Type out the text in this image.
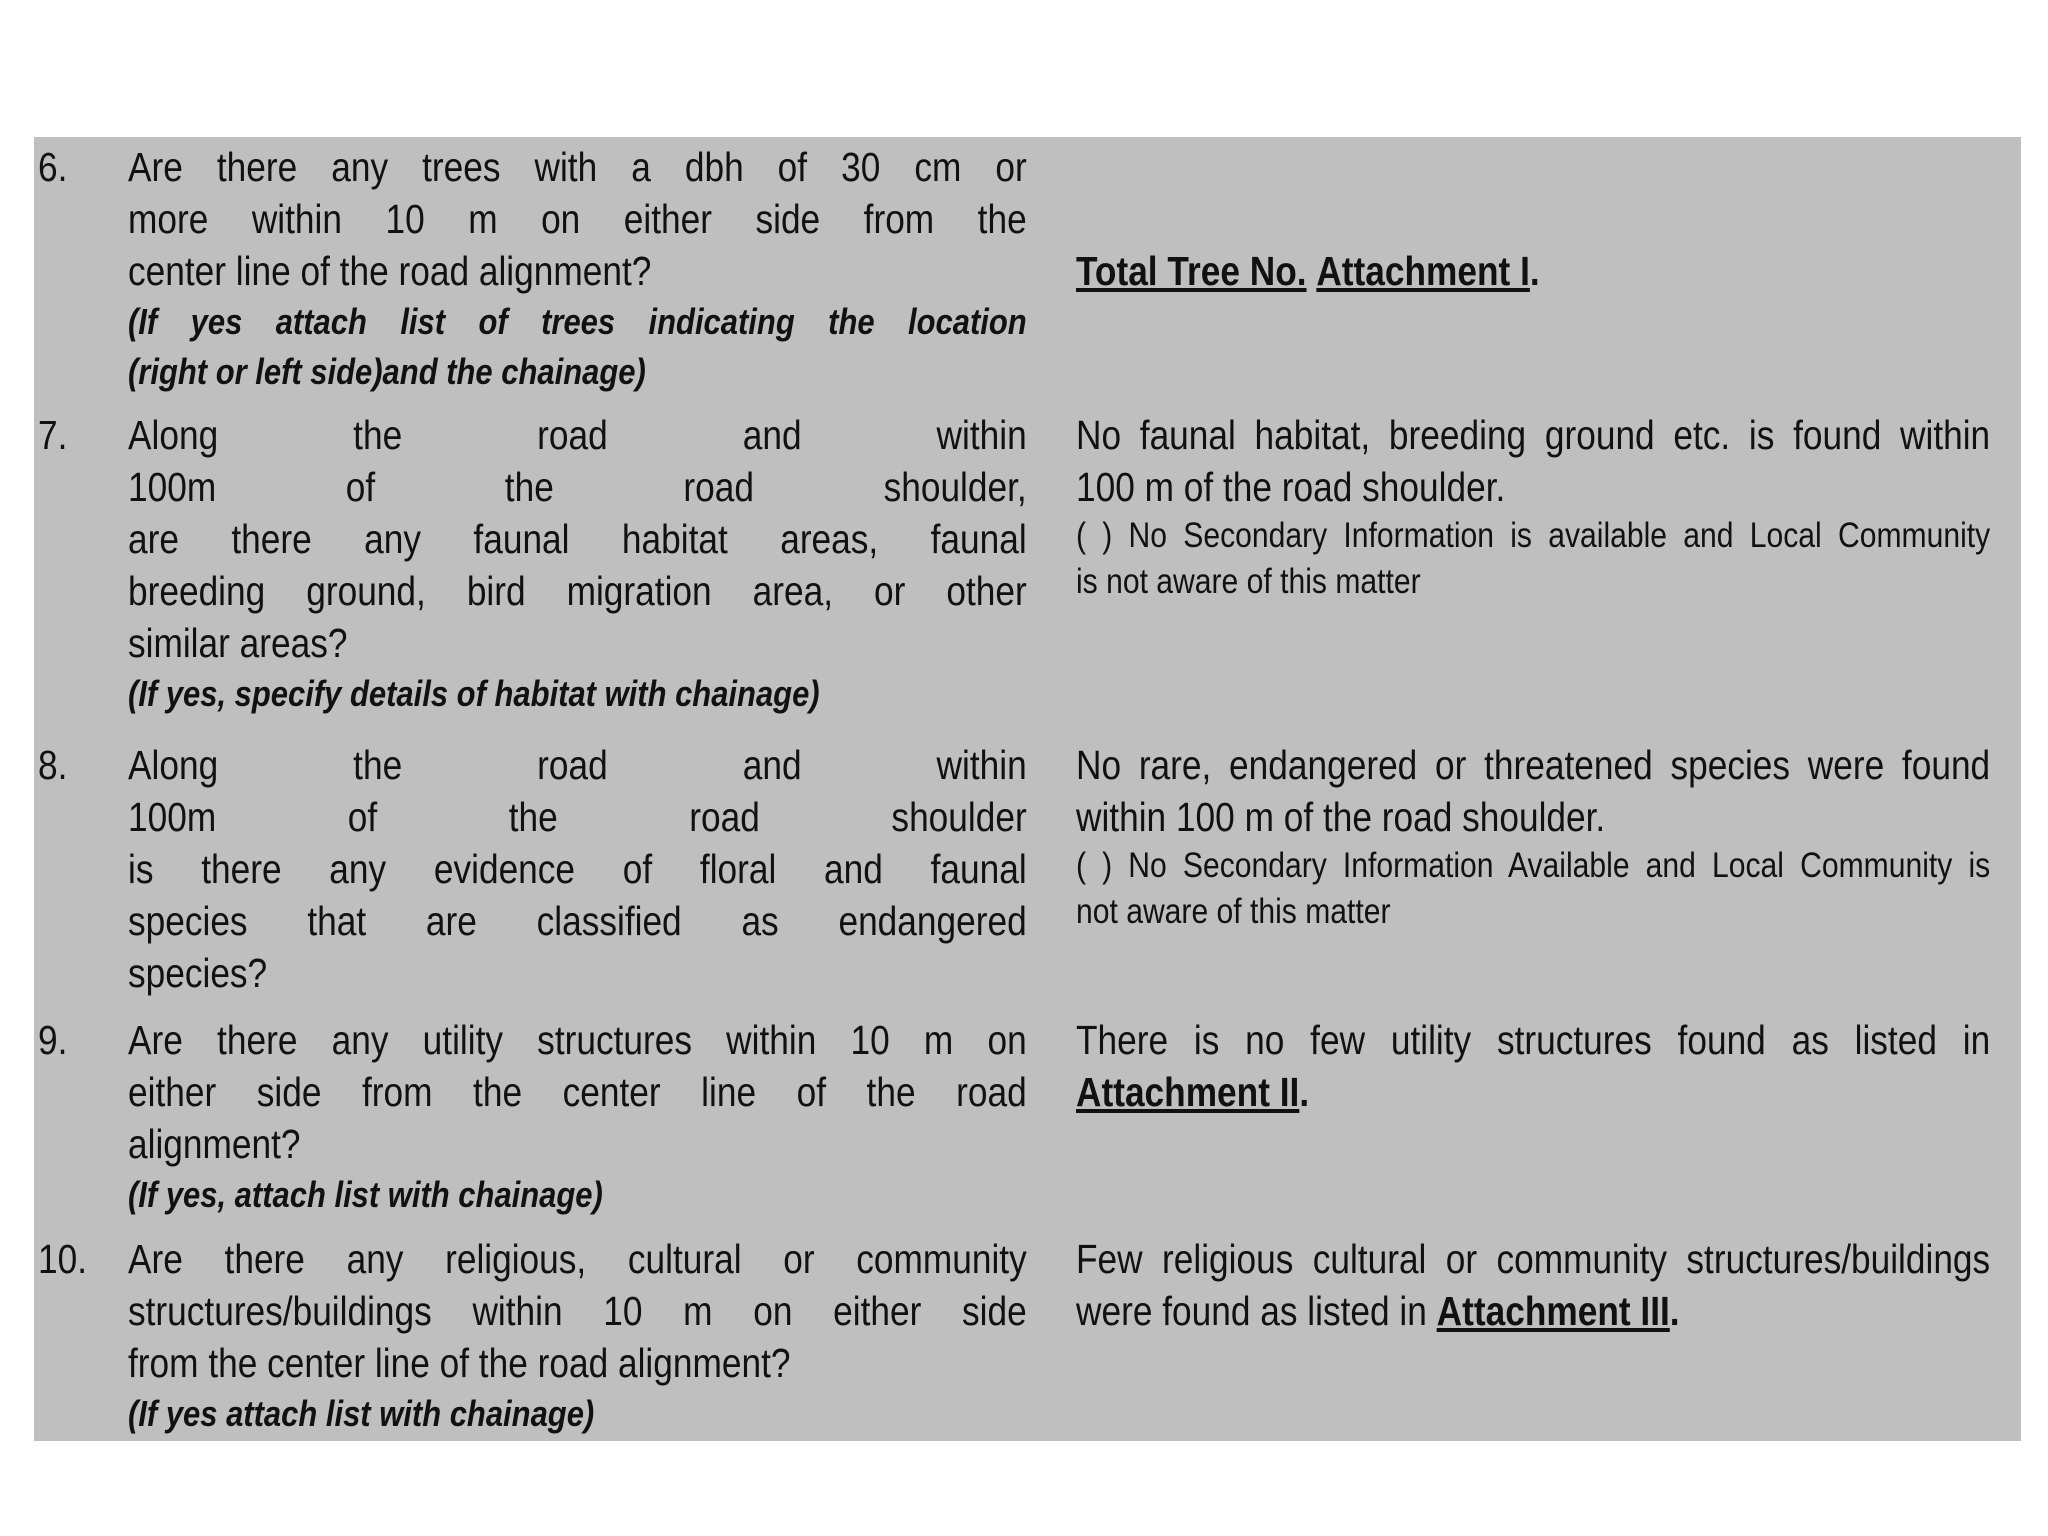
6. Are there any trees with a dbh of 30 cm or
more within 10 m on either side from the
center line of the road alignment?
(If yes attach list of trees indicating the location
(right or left side)and the chainage)
Total Tree No. Attachment I.
7. Along the road and within
100m of the road shoulder,
are there any faunal habitat areas, faunal
breeding ground, bird migration area, or other
similar areas?
(If yes, specify details of habitat with chainage)
No faunal habitat, breeding ground etc. is found within
100 m of the road shoulder.
( ) No Secondary Information is available and Local Community
is not aware of this matter
8. Along the road and within
100m of the road shoulder
is there any evidence of floral and faunal
species that are classified as endangered
species?
No rare, endangered or threatened species were found
within 100 m of the road shoulder.
( ) No Secondary Information Available and Local Community is
not aware of this matter
9. Are there any utility structures within 10 m on
either side from the center line of the road
alignment?
(If yes, attach list with chainage)
There is no few utility structures found as listed in
Attachment II.
10. Are there any religious, cultural or community
structures/buildings within 10 m on either side
from the center line of the road alignment?
(If yes attach list with chainage)
Few religious cultural or community structures/buildings
were found as listed in Attachment III.
